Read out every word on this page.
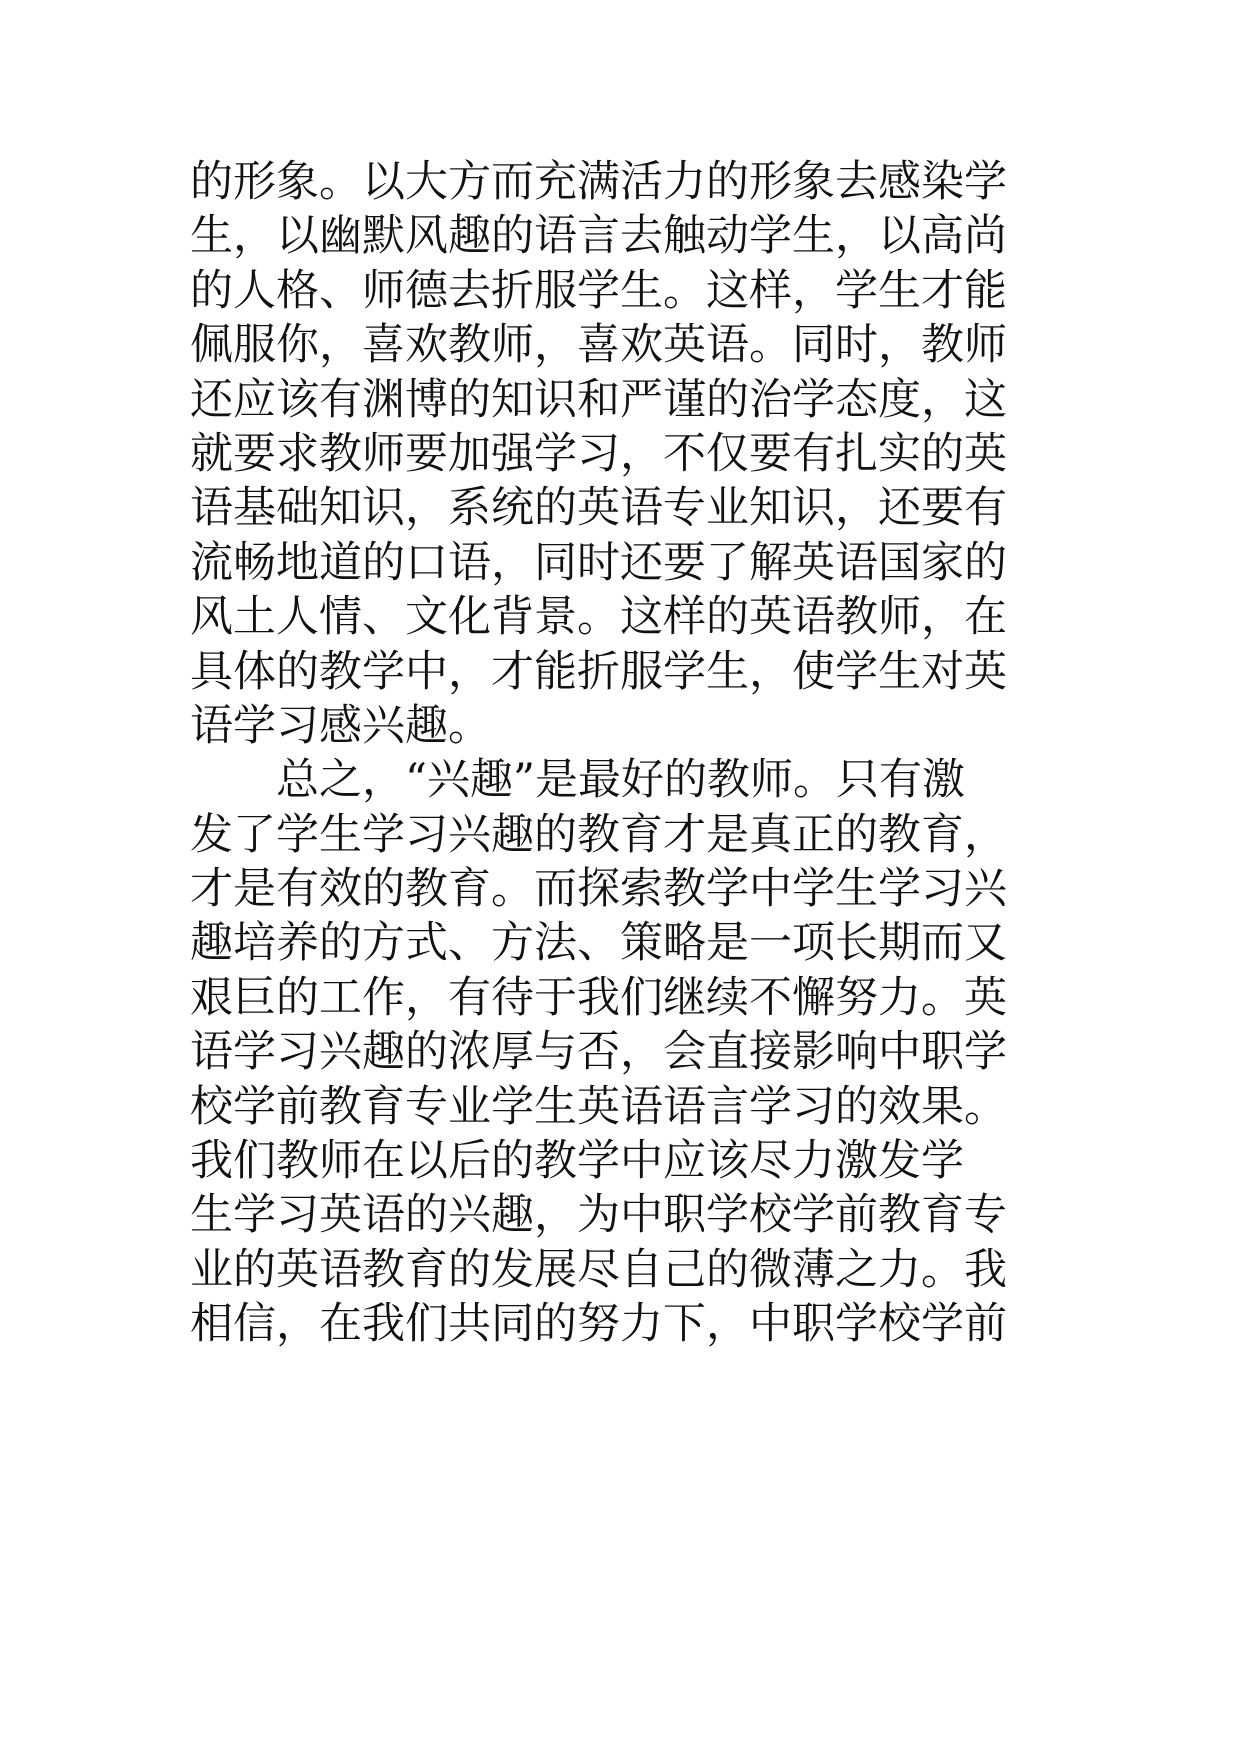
的形象。以大方而充满活力的形象去感染学
生，以幽默风趣的语言去触动学生，以高尚
的人格、师德去折服学生。这样，学生才能
佩服你，喜欢教师，喜欢英语。同时，教师
还应该有渊博的知识和严谨的治学态度，这
就要求教师要加强学习，不仅要有扎实的英
语基础知识，系统的英语专业知识，还要有
流畅地道的口语，同时还要了解英语国家的
风土人情、文化背景。这样的英语教师，在
具体的教学中，才能折服学生，使学生对英
语学习感兴趣。
　　总之，“兴趣”是最好的教师。只有激
发了学生学习兴趣的教育才是真正的教育，
才是有效的教育。而探索教学中学生学习兴
趣培养的方式、方法、策略是一项长期而又
艰巨的工作，有待于我们继续不懈努力。英
语学习兴趣的浓厚与否，会直接影响中职学
校学前教育专业学生英语语言学习的效果。
我们教师在以后的教学中应该尽力激发学
生学习英语的兴趣，为中职学校学前教育专
业的英语教育的发展尽自己的微薄之力。我
相信，在我们共同的努力下，中职学校学前
